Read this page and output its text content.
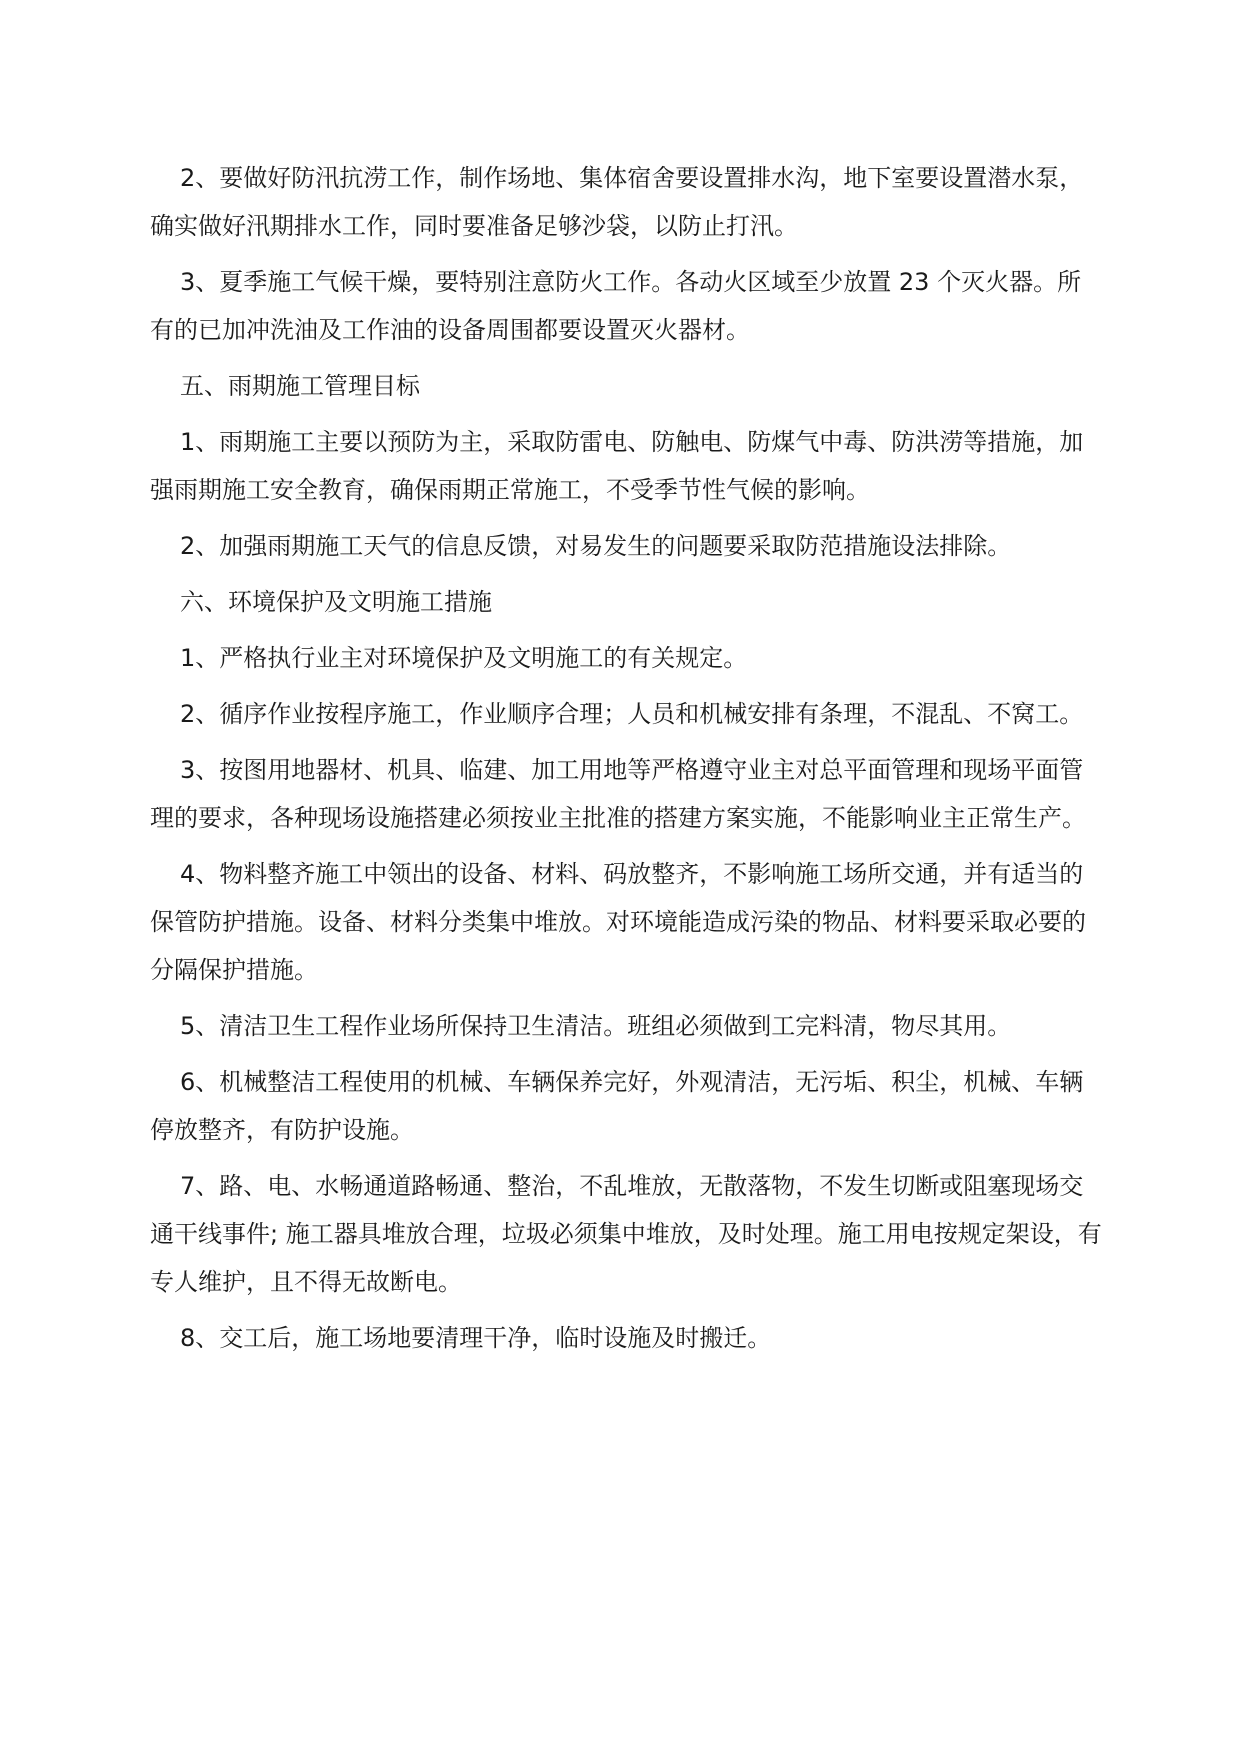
2、要做好防汛抗涝工作，制作场地、集体宿舍要设置排水沟，地下室要设置潜水泵，确实做好汛期排水工作，同时要准备足够沙袋，以防止打汛。

3、夏季施工气候干燥，要特别注意防火工作。各动火区域至少放置 23 个灭火器。所有的已加冲洗油及工作油的设备周围都要设置灭火器材。

五、雨期施工管理目标

1、雨期施工主要以预防为主，采取防雷电、防触电、防煤气中毒、防洪涝等措施，加强雨期施工安全教育，确保雨期正常施工，不受季节性气候的影响。

2、加强雨期施工天气的信息反馈，对易发生的问题要采取防范措施设法排除。

六、环境保护及文明施工措施

1、严格执行业主对环境保护及文明施工的有关规定。

2、循序作业按程序施工，作业顺序合理；人员和机械安排有条理，不混乱、不窝工。

3、按图用地器材、机具、临建、加工用地等严格遵守业主对总平面管理和现场平面管理的要求，各种现场设施搭建必须按业主批准的搭建方案实施，不能影响业主正常生产。

4、物料整齐施工中领出的设备、材料、码放整齐，不影响施工场所交通，并有适当的保管防护措施。设备、材料分类集中堆放。对环境能造成污染的物品、材料要采取必要的分隔保护措施。

5、清洁卫生工程作业场所保持卫生清洁。班组必须做到工完料清，物尽其用。

6、机械整洁工程使用的机械、车辆保养完好，外观清洁，无污垢、积尘，机械、车辆停放整齐，有防护设施。

7、路、电、水畅通道路畅通、整治，不乱堆放，无散落物，不发生切断或阻塞现场交通干线事件; 施工器具堆放合理，垃圾必须集中堆放，及时处理。施工用电按规定架设，有专人维护，且不得无故断电。

8、交工后，施工场地要清理干净，临时设施及时搬迁。
